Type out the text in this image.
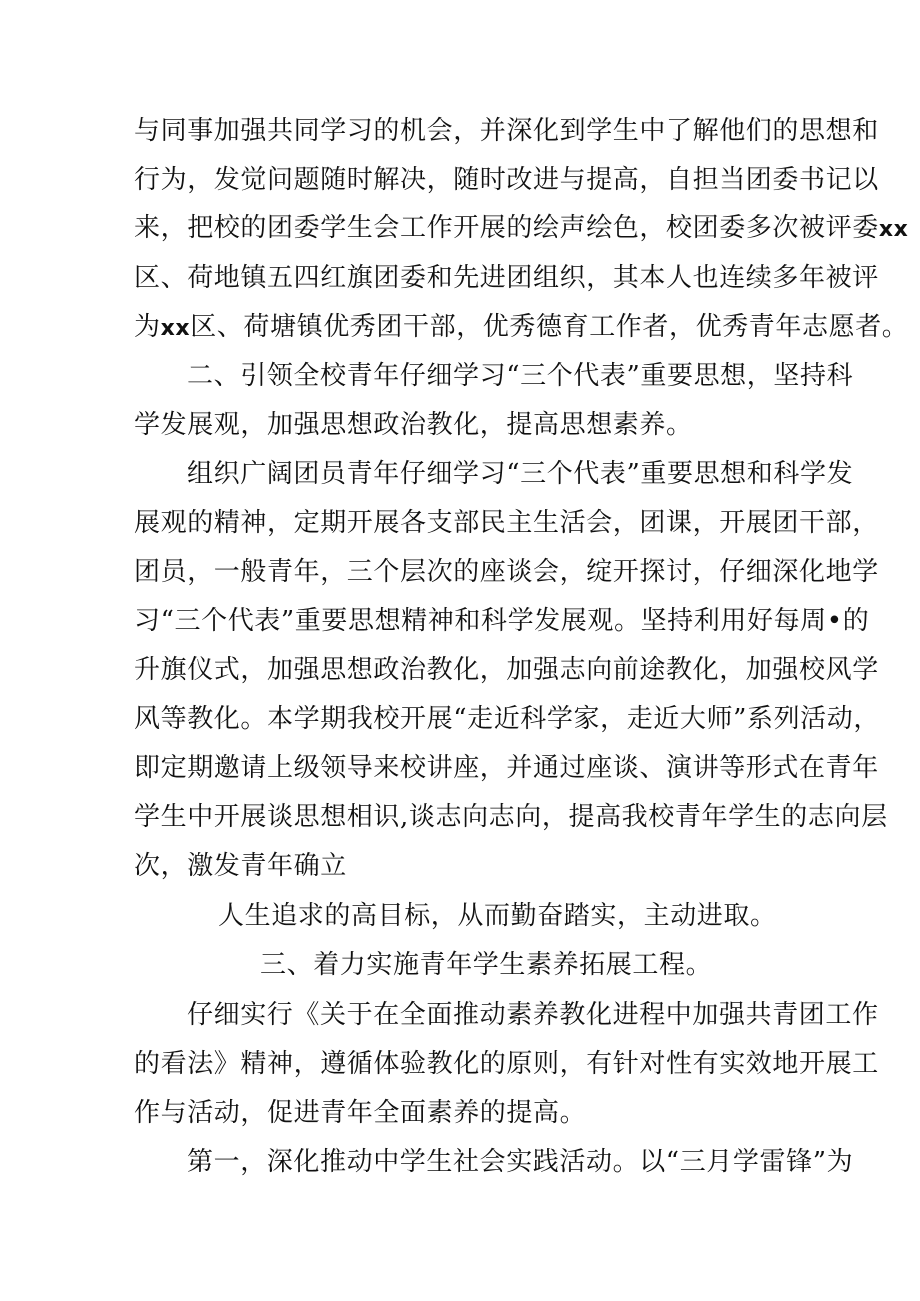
与同事加强共同学习的机会，并深化到学生中了解他们的思想和
行为，发觉问题随时解决，随时改进与提高，自担当团委书记以
来，把校的团委学生会工作开展的绘声绘色，校团委多次被评委xx
区、荷地镇五四红旗团委和先进团组织，其本人也连续多年被评
为xx区、荷塘镇优秀团干部，优秀德育工作者，优秀青年志愿者。
二、引领全校青年仔细学习“三个代表”重要思想，坚持科
学发展观，加强思想政治教化，提高思想素养。
组织广阔团员青年仔细学习“三个代表”重要思想和科学发
展观的精神，定期开展各支部民主生活会，团课，开展团干部，
团员，一般青年，三个层次的座谈会，绽开探讨，仔细深化地学
习“三个代表”重要思想精神和科学发展观。坚持利用好每周•的
升旗仪式，加强思想政治教化，加强志向前途教化，加强校风学
风等教化。本学期我校开展“走近科学家，走近大师”系列活动，
即定期邀请上级领导来校讲座，并通过座谈、演讲等形式在青年
学生中开展谈思想相识,谈志向志向，提高我校青年学生的志向层
次，激发青年确立
人生追求的高目标，从而勤奋踏实，主动进取。
三、着力实施青年学生素养拓展工程。
仔细实行《关于在全面推动素养教化进程中加强共青团工作
的看法》精神，遵循体验教化的原则，有针对性有实效地开展工
作与活动，促进青年全面素养的提高。
第一，深化推动中学生社会实践活动。以“三月学雷锋”为
